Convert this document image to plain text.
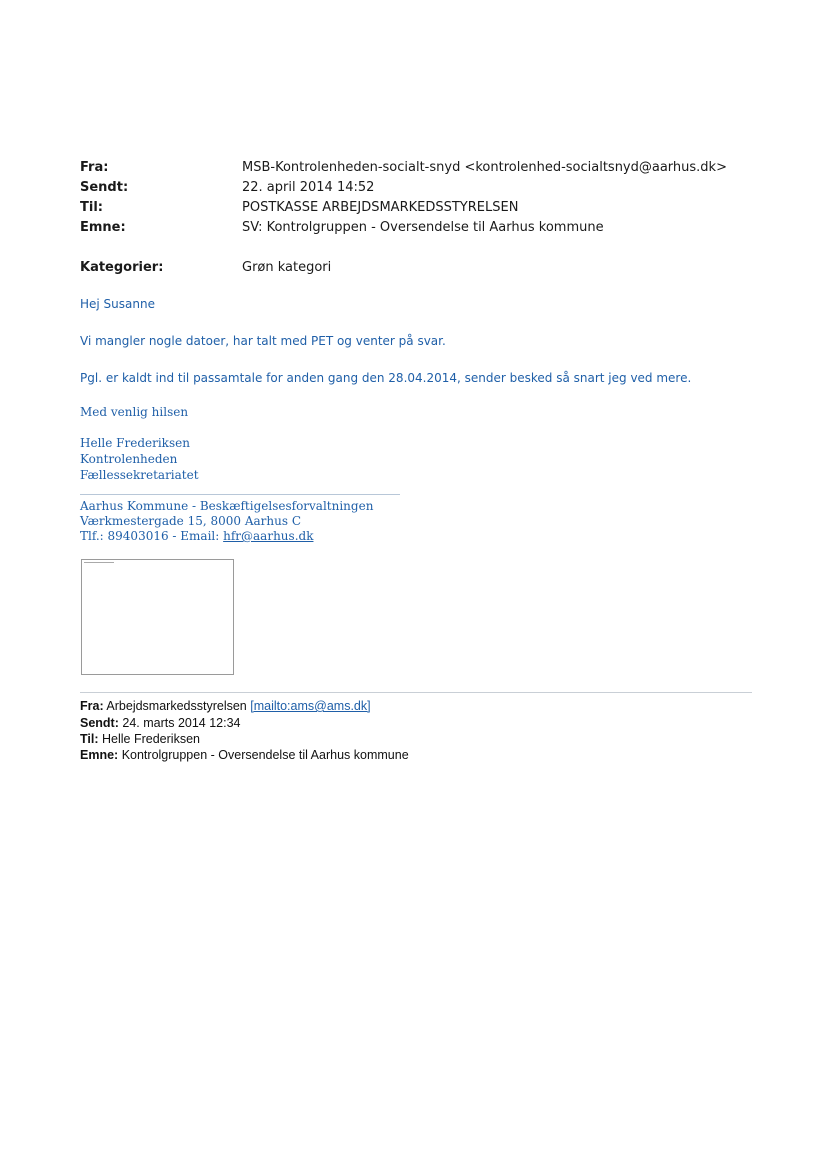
Fra:	MSB-Kontrolenheden-socialt-snyd <kontrolenhed-socialtsnyd@aarhus.dk>
Sendt:	22. april 2014 14:52
Til:	POSTKASSE ARBEJDSMARKEDSSTYRELSEN
Emne:	SV: Kontrolgruppen - Oversendelse til Aarhus kommune
Kategorier:	Grøn kategori
Hej Susanne
Vi mangler nogle datoer, har talt med PET og venter på svar.
Pgl. er kaldt ind til passamtale for anden gang den 28.04.2014, sender besked så snart jeg ved mere.
Med venlig hilsen
Helle Frederiksen
Kontrolenheden
Fællessekretariatet
Aarhus Kommune - Beskæftigelsesforvaltningen
Værkmestergade 15, 8000 Aarhus C
Tlf.: 89403016 - Email: hfr@aarhus.dk
Fra: Arbejdsmarkedsstyrelsen [mailto:ams@ams.dk]
Sendt: 24. marts 2014 12:34
Til: Helle Frederiksen
Emne: Kontrolgruppen - Oversendelse til Aarhus kommune
